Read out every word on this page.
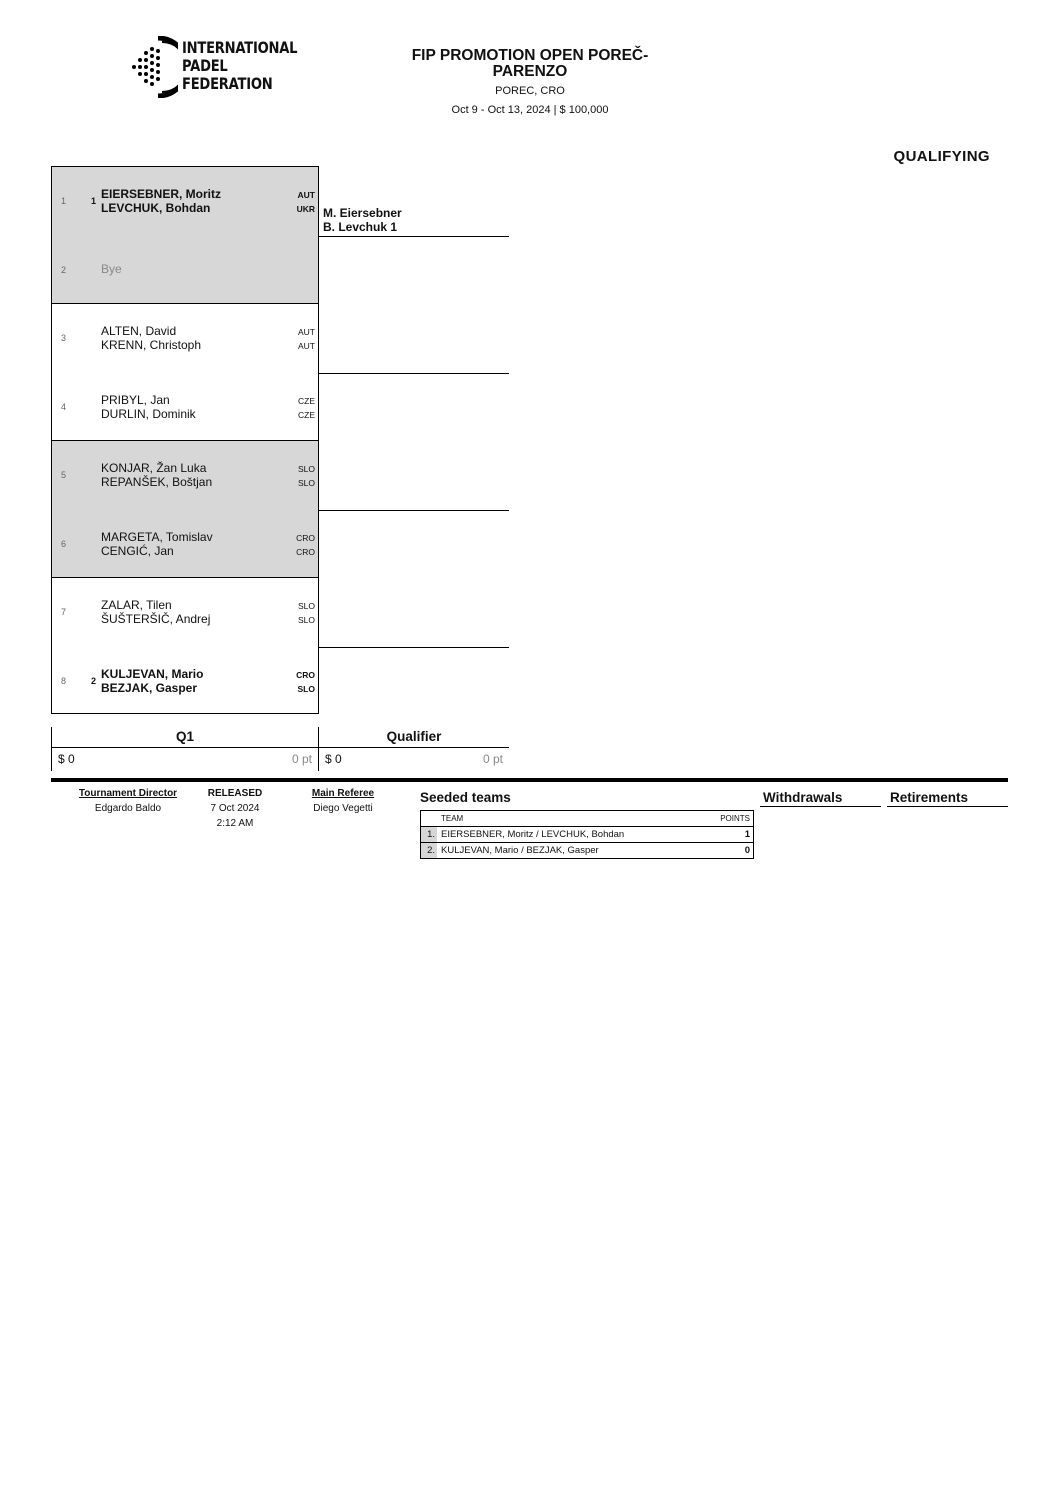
INTERNATIONAL
PADEL
FEDERATION
FIP PROMOTION OPEN POREČ-
PARENZO
POREC, CRO
Oct 9 - Oct 13, 2024 | $ 100,000
QUALIFYING
1	1 EIERSEBNER, Moritz	AUT
LEVCHUK, Bohdan	UKR
2	Bye
3	ALTEN, David	AUT
KRENN, Christoph	AUT
4	PRIBYL, Jan	CZE
DURLIN, Dominik	CZE
5	KONJAR, Žan Luka	SLO
REPANŠEK, Boštjan	SLO
6	MARGETA, Tomislav	CRO
CENGIĆ, Jan	CRO
7	ZALAR, Tilen	SLO
ŠUŠTERŠIČ, Andrej	SLO
8	2 KULJEVAN, Mario	CRO
BEZJAK, Gasper	SLO
M. Eiersebner
B. Levchuk 1
Q1	Qualifier
$ 0	0 pt $ 0	0 pt
Tournament Director
Edgardo Baldo
RELEASED
7 Oct 2024
2:12 AM
Main Referee
Diego Vegetti
Seeded teams
TEAM	POINTS
1. EIERSEBNER, Moritz / LEVCHUK, Bohdan	1
2. KULJEVAN, Mario / BEZJAK, Gasper	0
Withdrawals	Retirements
